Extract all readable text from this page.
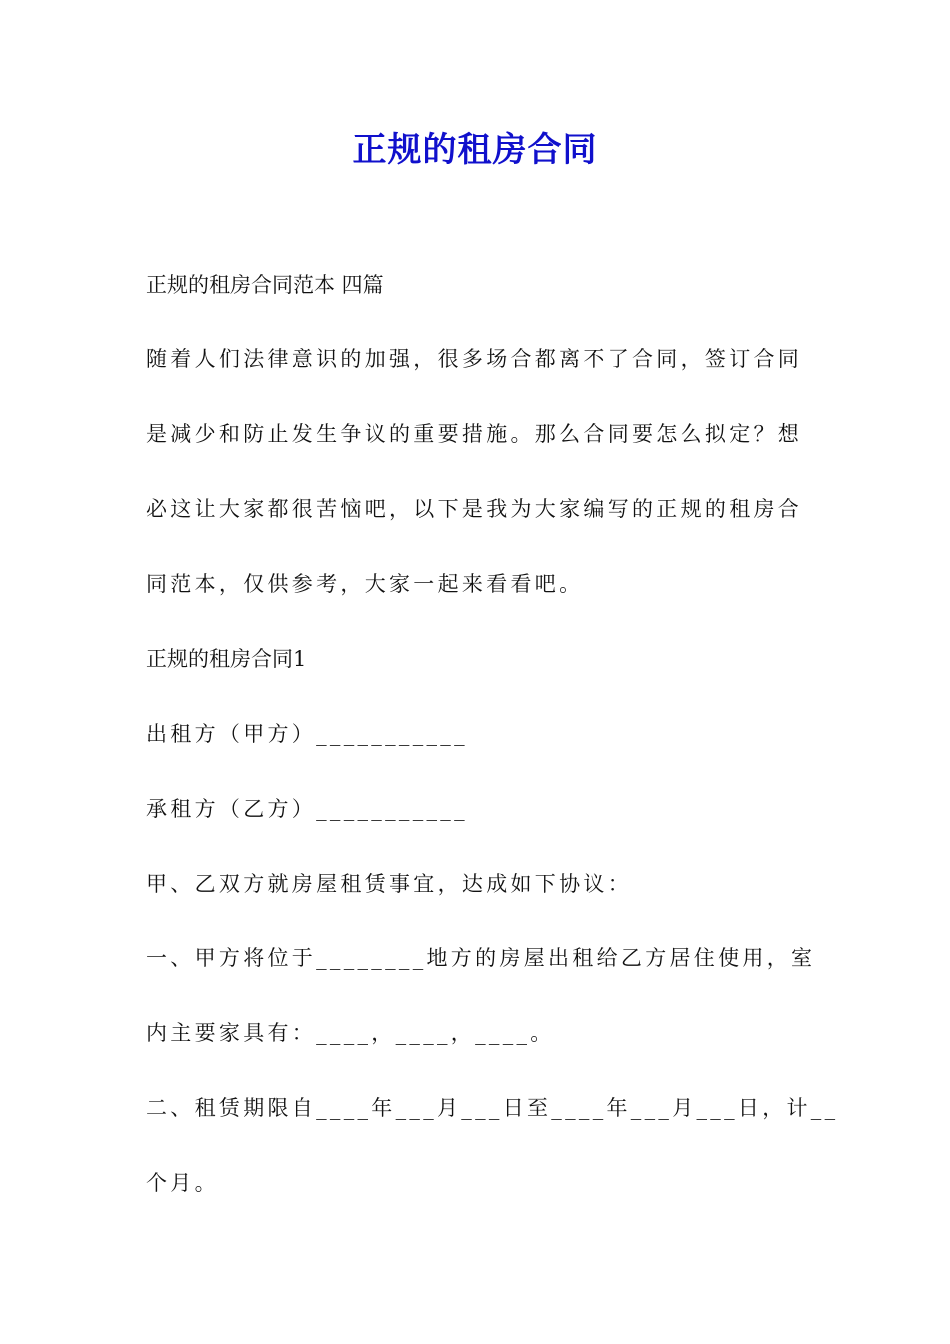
正规的租房合同
正规的租房合同范本 四篇
随着人们法律意识的加强，很多场合都离不了合同，签订合同
是减少和防止发生争议的重要措施。那么合同要怎么拟定？想
必这让大家都很苦恼吧，以下是我为大家编写的正规的租房合
同范本，仅供参考，大家一起来看看吧。
正规的租房合同1
出租方（甲方）___________
承租方（乙方）___________
甲、乙双方就房屋租赁事宜，达成如下协议：
一、甲方将位于________地方的房屋出租给乙方居住使用，室
内主要家具有：____，____，____。
二、租赁期限自____年___月___日至____年___月___日，计__
个月。
